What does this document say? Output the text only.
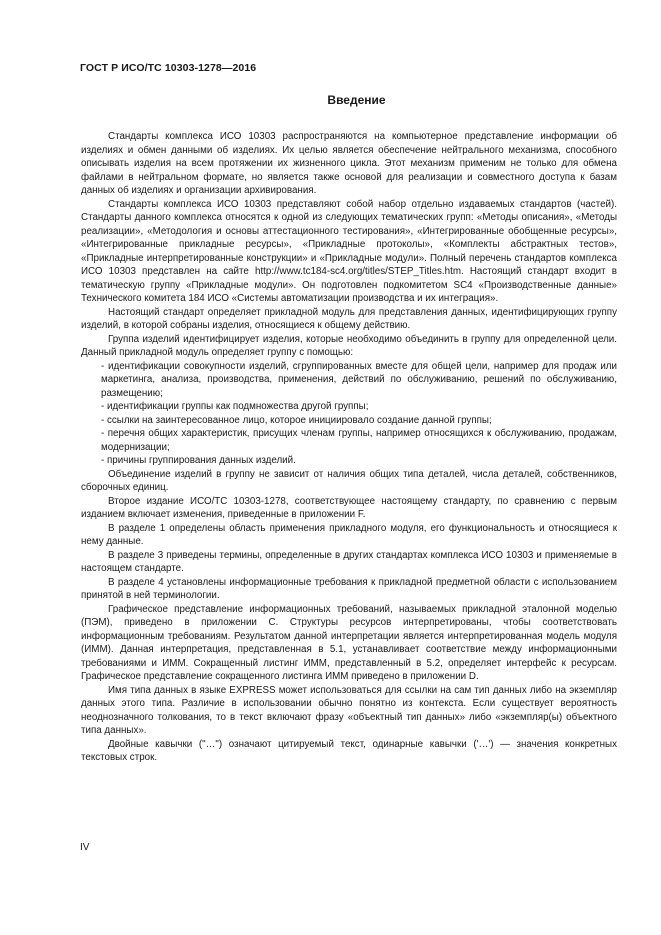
ГОСТ Р ИСО/ТС 10303-1278—2016
Введение

Стандарты комплекса ИСО 10303 распространяются на компьютерное представление информации об изделиях и обмен данными об изделиях. Их целью является обеспечение нейтрального механизма, способного описывать изделия на всем протяжении их жизненного цикла. Этот механизм применим не только для обмена файлами в нейтральном формате, но является также основой для реализации и совместного доступа к базам данных об изделиях и организации архивирования.

Стандарты комплекса ИСО 10303 представляют собой набор отдельно издаваемых стандартов (частей). Стандарты данного комплекса относятся к одной из следующих тематических групп: «Методы описания», «Методы реализации», «Методология и основы аттестационного тестирования», «Интегрированные обобщенные ресурсы», «Интегрированные прикладные ресурсы», «Прикладные протоколы», «Комплекты абстрактных тестов», «Прикладные интерпретированные конструкции» и «Прикладные модули». Полный перечень стандартов комплекса ИСО 10303 представлен на сайте http://www.tc184-sc4.org/titles/STEP_Titles.htm. Настоящий стандарт входит в тематическую группу «Прикладные модули». Он подготовлен подкомитетом SC4 «Производственные данные» Технического комитета 184 ИСО «Системы автоматизации производства и их интеграция».

Настоящий стандарт определяет прикладной модуль для представления данных, идентифицирующих группу изделий, в которой собраны изделия, относящиеся к общему действию.

Группа изделий идентифицирует изделия, которые необходимо объединить в группу для определенной цели. Данный прикладной модуль определяет группу с помощью:

- идентификации совокупности изделий, сгруппированных вместе для общей цели, например для продаж или маркетинга, анализа, производства, применения, действий по обслуживанию, решений по обслуживанию, размещению;

- идентификации группы как подмножества другой группы;

- ссылки на заинтересованное лицо, которое инициировало создание данной группы;

- перечня общих характеристик, присущих членам группы, например относящихся к обслуживанию, продажам, модернизации;

- причины группирования данных изделий.

Объединение изделий в группу не зависит от наличия общих типа деталей, числа деталей, собственников, сборочных единиц.

Второе издание ИСО/ТС 10303-1278, соответствующее настоящему стандарту, по сравнению с первым изданием включает изменения, приведенные в приложении F.

В разделе 1 определены область применения прикладного модуля, его функциональность и относящиеся к нему данные.

В разделе 3 приведены термины, определенные в других стандартах комплекса ИСО 10303 и применяемые в настоящем стандарте.

В разделе 4 установлены информационные требования к прикладной предметной области с использованием принятой в ней терминологии.

Графическое представление информационных требований, называемых прикладной эталонной моделью (ПЭМ), приведено в приложении С. Структуры ресурсов интерпретированы, чтобы соответствовать информационным требованиям. Результатом данной интерпретации является интерпретированная модель модуля (ИММ). Данная интерпретация, представленная в 5.1, устанавливает соответствие между информационными требованиями и ИММ. Сокращенный листинг ИММ, представленный в 5.2, определяет интерфейс к ресурсам. Графическое представление сокращенного листинга ИММ приведено в приложении D.

Имя типа данных в языке EXPRESS может использоваться для ссылки на сам тип данных либо на экземпляр данных этого типа. Различие в использовании обычно понятно из контекста. Если существует вероятность неоднозначного толкования, то в текст включают фразу «объектный тип данных» либо «экземпляр(ы) объектного типа данных».

Двойные кавычки ("…") означают цитируемый текст, одинарные кавычки ('…') — значения конкретных текстовых строк.

IV
